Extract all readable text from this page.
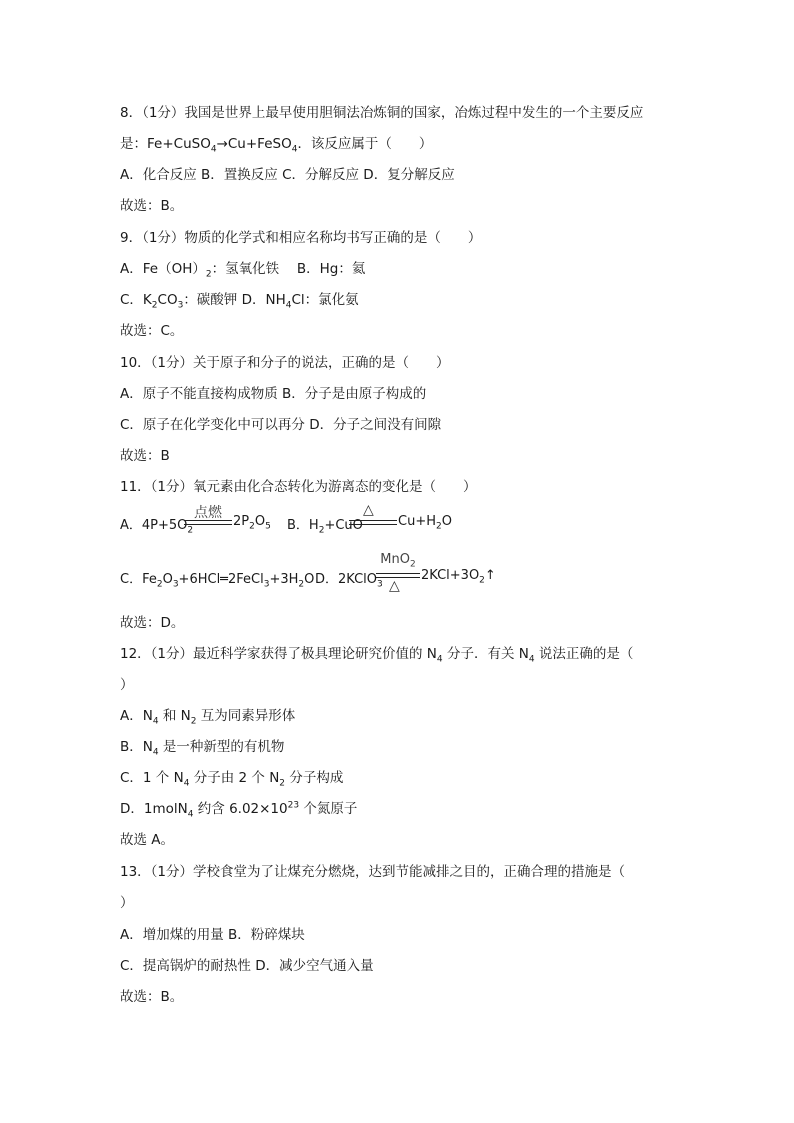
8．（1分）我国是世界上最早使用胆铜法冶炼铜的国家，冶炼过程中发生的一个主要反应
是：Fe+CuSO$_4$→Cu+FeSO$_4$．该反应属于（　　）
A．化合反应 B．置换反应 C．分解反应 D．复分解反应
故选：B。
9．（1分）物质的化学式和相应名称均书写正确的是（　　）
A．$Fe(OH)_2$：氢氧化铁　 B．Hg：氦
C．$K_2CO_3$：碳酸钾 D．$NH_4Cl$：氯化氨
故选：C。
10．（1分）关于原子和分子的说法，正确的是（　　）
A．原子不能直接构成物质 B．分子是由原子构成的
C．原子在化学变化中可以再分 D．分子之间没有间隙
故选：B
11．（1分）氧元素由化合态转化为游离态的变化是（　　）
A．$4P+5O_2$
点燃
$2P_2O_5$ B．$H_2+CuO$
△
$Cu+H_2O$
C．$Fe_2O_3+6HCl═2FeCl_3+3H_2O$ D．2KClO$_3$
MnO$_2$
△
$2KCl+3O_2↑$
故选：D。
12．（1分）最近科学家获得了极具理论研究价值的 $N_4$ 分子．有关 $N_4$ 说法正确的是（
）
A．$N_4$ 和 $N_2$ 互为同素异形体
B．$N_4$ 是一种新型的有机物
C．1 个 $N_4$ 分子由 2 个 $N_2$ 分子构成
D．1molN$_4$ 约含 $6.02\times 10^{23}$ 个氮原子
故选 A。
13．（1分）学校食堂为了让煤充分燃烧，达到节能减排之目的，正确合理的措施是（
）
A．增加煤的用量 B．粉碎煤块
C．提高锅炉的耐热性 D．减少空气通入量
故选：B。
